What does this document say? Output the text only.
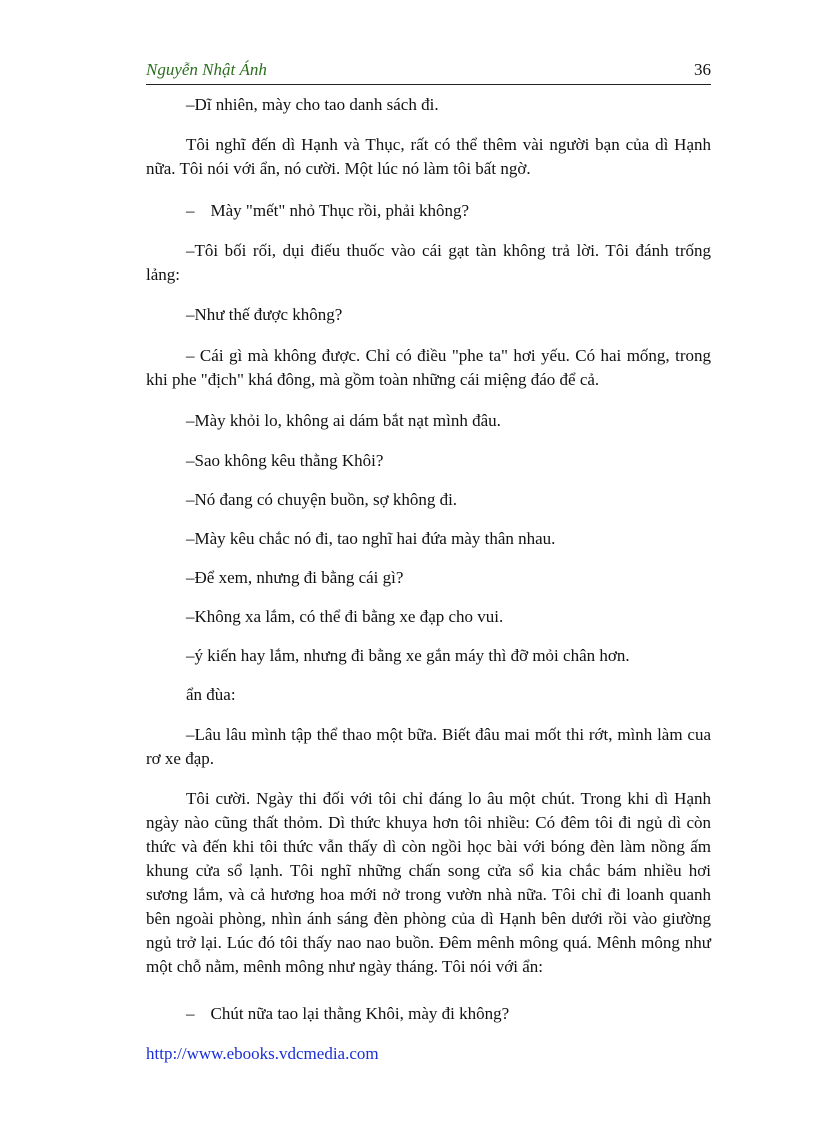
Nguyễn Nhật Ánh	36

–Dĩ nhiên, mày cho tao danh sách đi.

Tôi nghĩ đến dì Hạnh và Thục, rất có thể thêm vài người bạn của dì Hạnh nữa. Tôi nói với ẩn, nó cười. Một lúc nó làm tôi bất ngờ.

– Mày "mết" nhỏ Thục rồi, phải không?

–Tôi bối rối, dụi điếu thuốc vào cái gạt tàn không trả lời. Tôi đánh trống lảng:

–Như thế được không?

– Cái gì mà không được. Chỉ có điều "phe ta" hơi yếu. Có hai mống, trong khi phe "địch" khá đông, mà gồm toàn những cái miệng đáo để cả.

–Mày khỏi lo, không ai dám bắt nạt mình đâu.

–Sao không kêu thằng Khôi?

–Nó đang có chuyện buồn, sợ không đi.

–Mày kêu chắc nó đi, tao nghĩ hai đứa mày thân nhau.

–Để xem, nhưng đi bằng cái gì?

–Không xa lắm, có thể đi bằng xe đạp cho vui.

–ý kiến hay lắm, nhưng đi bằng xe gắn máy thì đỡ mỏi chân hơn.

ẩn đùa:

–Lâu lâu mình tập thể thao một bữa. Biết đâu mai mốt thi rớt, mình làm cua rơ xe đạp.

Tôi cười. Ngày thi đối với tôi chỉ đáng lo âu một chút. Trong khi dì Hạnh ngày nào cũng thất thỏm. Dì thức khuya hơn tôi nhiều: Có đêm tôi đi ngủ dì còn thức và đến khi tôi thức vẫn thấy dì còn ngồi học bài với bóng đèn làm nồng ấm khung cửa sổ lạnh. Tôi nghĩ những chấn song cửa sổ kia chắc bám nhiều hơi sương lắm, và cả hương hoa mới nở trong vườn nhà nữa. Tôi chỉ đi loanh quanh bên ngoài phòng, nhìn ánh sáng đèn phòng của dì Hạnh bên dưới rồi vào giường ngủ trở lại. Lúc đó tôi thấy nao nao buồn. Đêm mênh mông quá. Mênh mông như một chỗ nằm, mênh mông như ngày tháng. Tôi nói với ẩn:

– Chút nữa tao lại thằng Khôi, mày đi không?

http://www.ebooks.vdcmedia.com
